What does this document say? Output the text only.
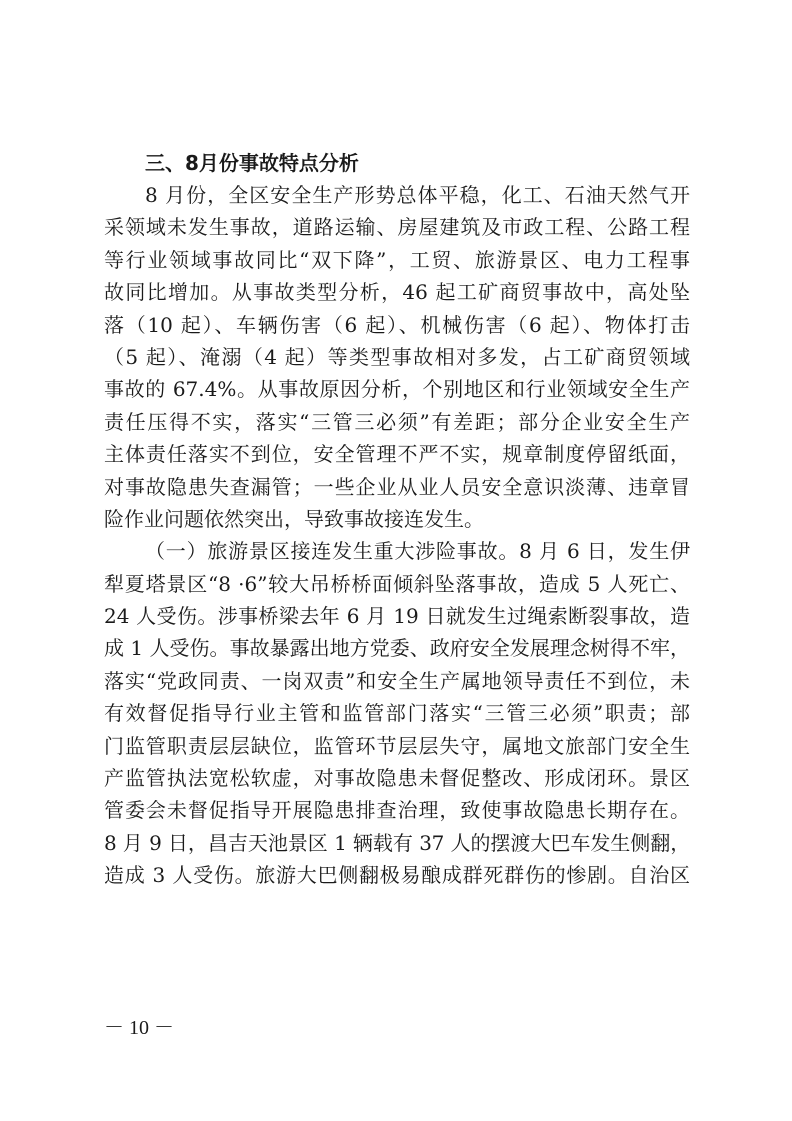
三、8月份事故特点分析
8 月份，全区安全生产形势总体平稳，化工、石油天然气开
采领域未发生事故，道路运输、房屋建筑及市政工程、公路工程
等行业领域事故同比“双下降”，工贸、旅游景区、电力工程事
故同比增加。从事故类型分析，46 起工矿商贸事故中，高处坠
落（10 起）、车辆伤害（6 起）、机械伤害（6 起）、物体打击
（5 起）、淹溺（4 起）等类型事故相对多发，占工矿商贸领域
事故的 67.4%。从事故原因分析，个别地区和行业领域安全生产
责任压得不实，落实“三管三必须”有差距；部分企业安全生产
主体责任落实不到位，安全管理不严不实，规章制度停留纸面，
对事故隐患失查漏管；一些企业从业人员安全意识淡薄、违章冒
险作业问题依然突出，导致事故接连发生。
（一）旅游景区接连发生重大涉险事故。8 月 6 日，发生伊
犁夏塔景区“8 ·6”较大吊桥桥面倾斜坠落事故，造成 5 人死亡、
24 人受伤。涉事桥梁去年 6 月 19 日就发生过绳索断裂事故，造
成 1 人受伤。事故暴露出地方党委、政府安全发展理念树得不牢，
落实“党政同责、一岗双责”和安全生产属地领导责任不到位，未
有效督促指导行业主管和监管部门落实“三管三必须”职责；部
门监管职责层层缺位，监管环节层层失守，属地文旅部门安全生
产监管执法宽松软虚，对事故隐患未督促整改、形成闭环。景区
管委会未督促指导开展隐患排查治理，致使事故隐患长期存在。
8 月 9 日，昌吉天池景区 1 辆载有 37 人的摆渡大巴车发生侧翻，
造成 3 人受伤。旅游大巴侧翻极易酿成群死群伤的惨剧。自治区
－ 10 －
